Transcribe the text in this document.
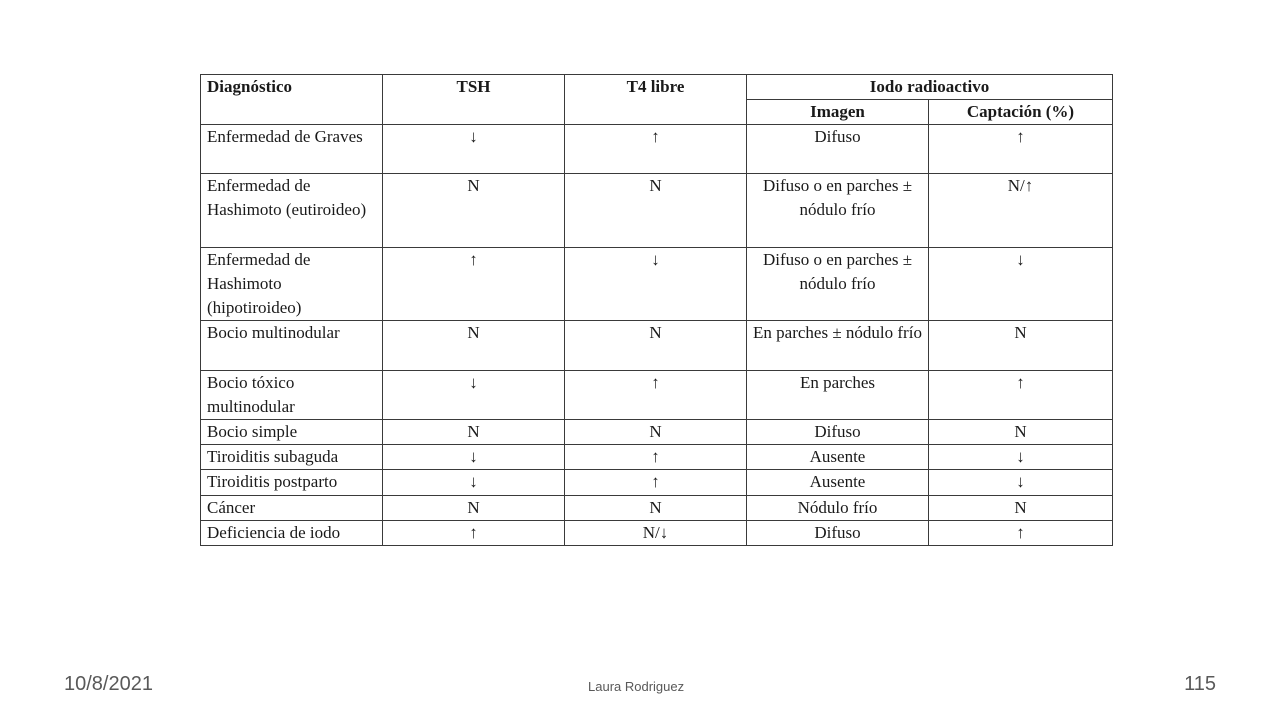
Diagnóstico	TSH	T4 libre	Iodo radioactivo	
			Imagen	Captación (%)
Enfermedad de Graves	↓	↑	Difuso	↑
Enfermedad de Hashimoto (eutiroideo)	N	N	Difuso o en parches ± nódulo frío	N/↑
Enfermedad de Hashimoto (hipotiroideo)	↑	↓	Difuso o en parches ± nódulo frío	↓
Bocio multinodular	N	N	En parches ± nódulo frío	N
Bocio tóxico multinodular	↓	↑	En parches	↑
Bocio simple	N	N	Difuso	N
Tiroiditis subaguda	↓	↑	Ausente	↓
Tiroiditis postparto	↓	↑	Ausente	↓
Cáncer	N	N	Nódulo frío	N
Deficiencia de iodo	↑	N/↓	Difuso	↑
10/8/2021	Laura Rodriguez	115
